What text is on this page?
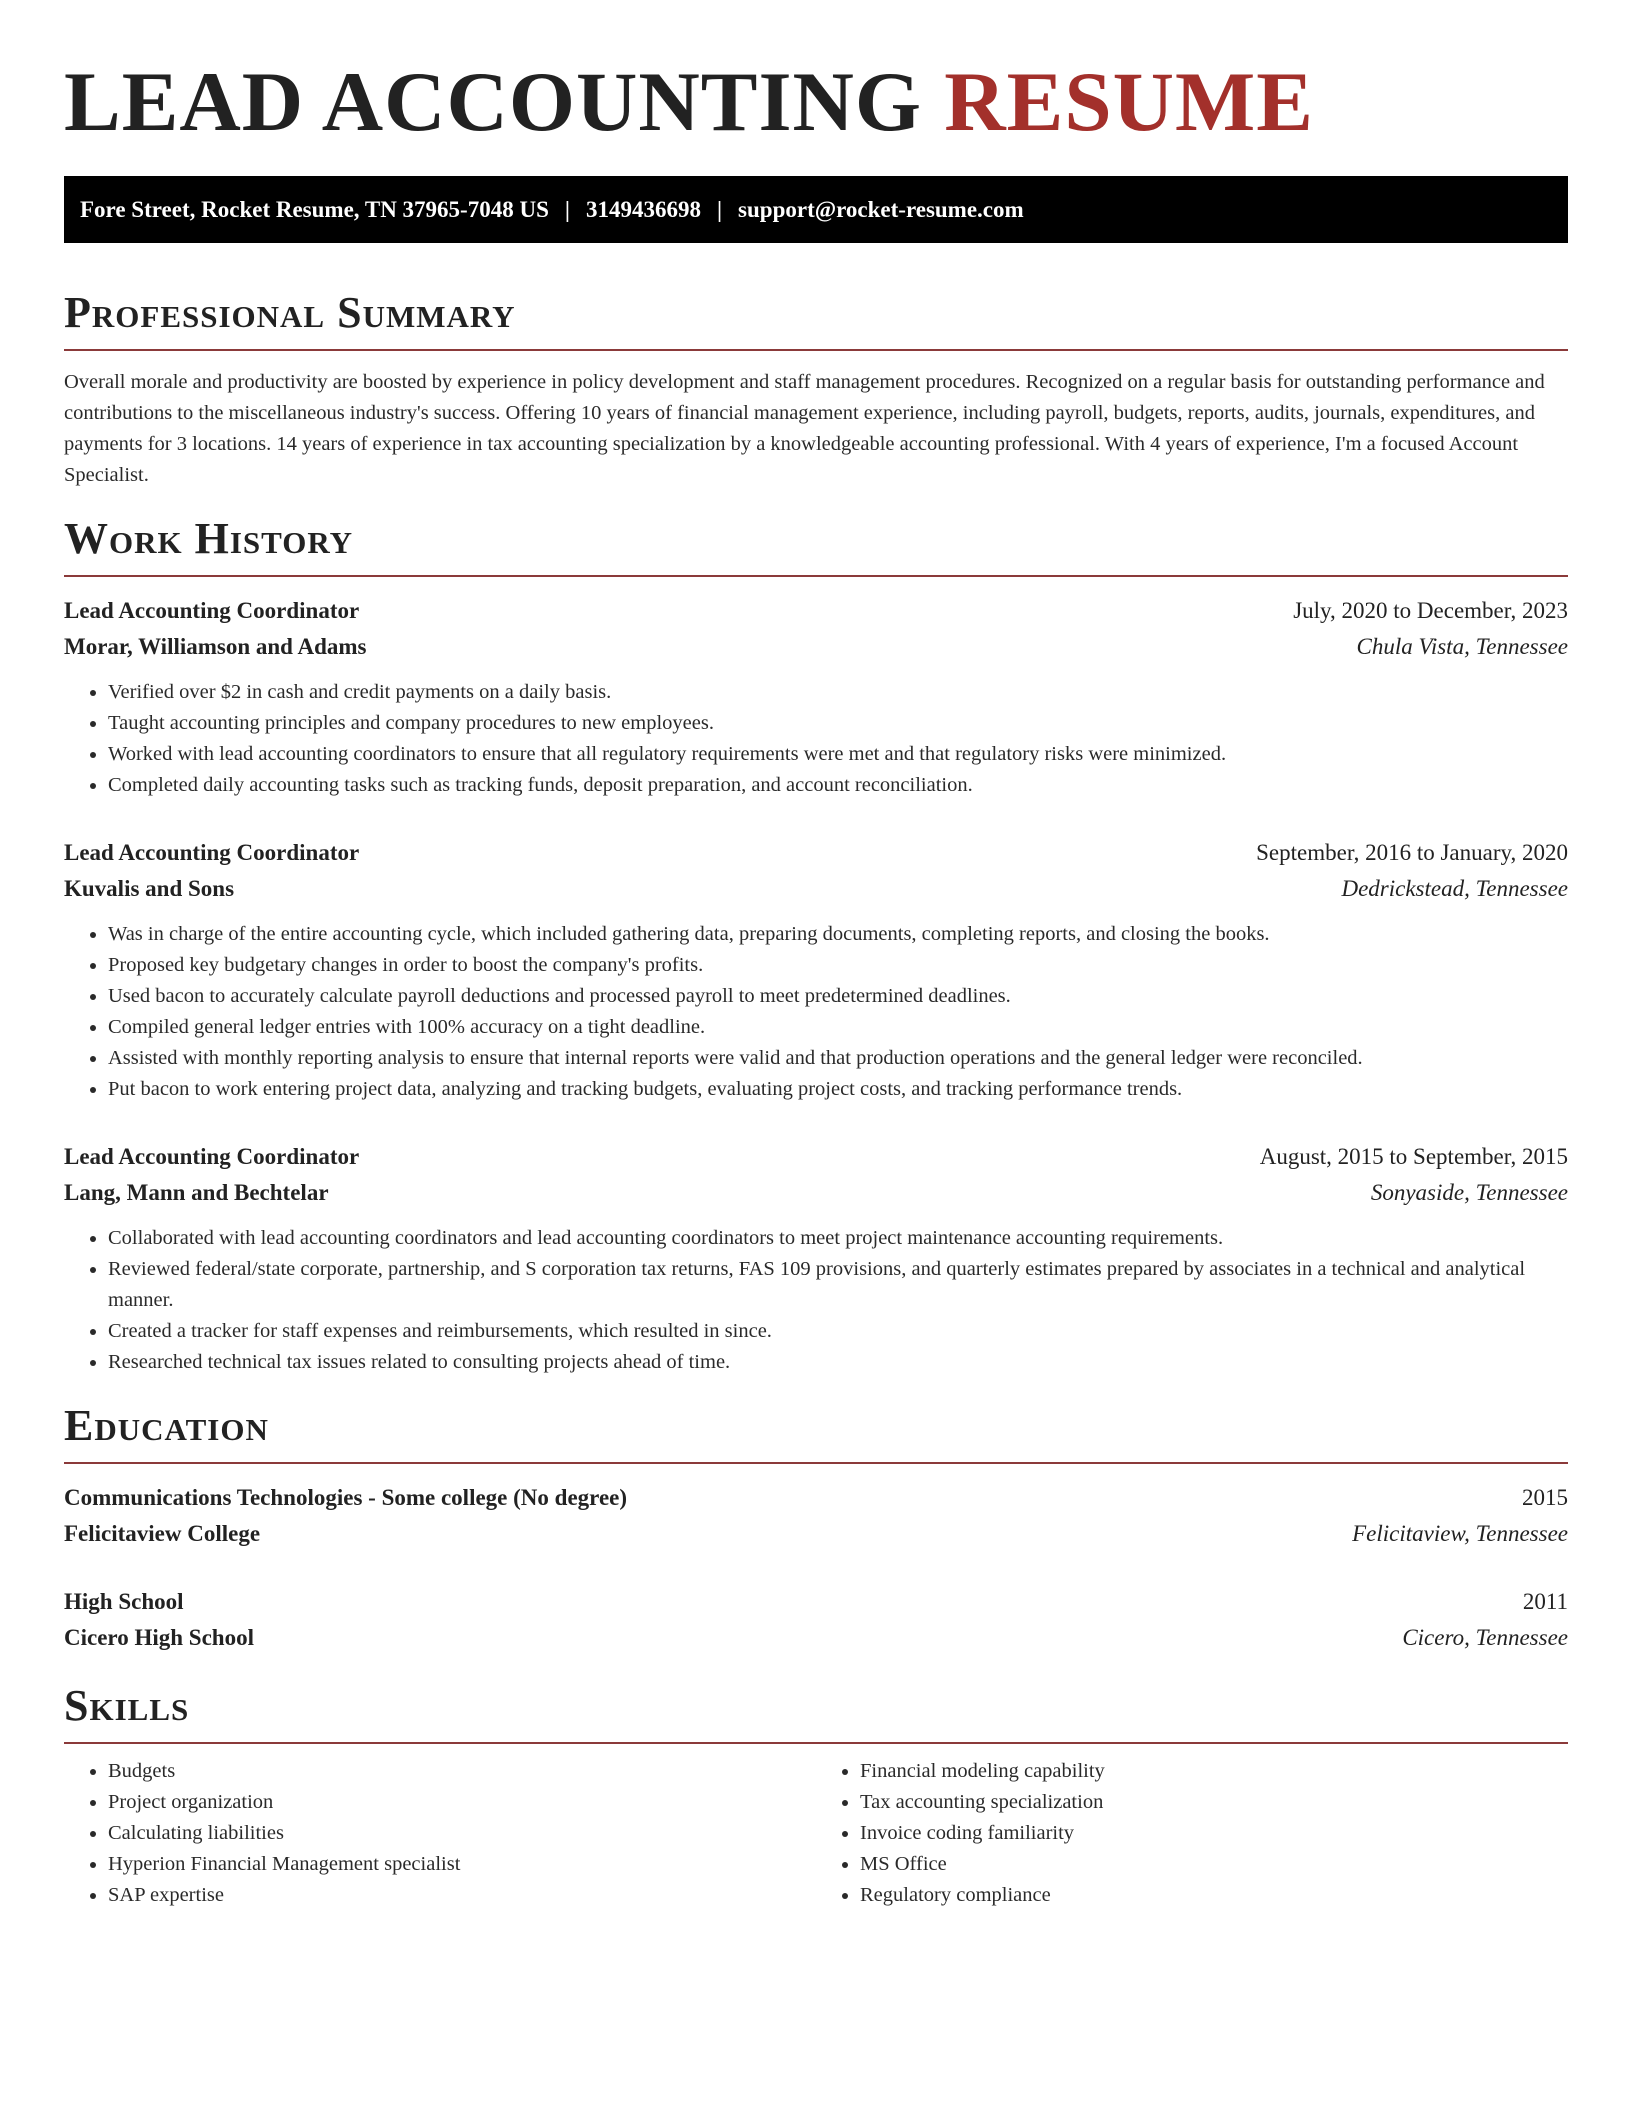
LEAD ACCOUNTING RESUME
Fore Street, Rocket Resume, TN 37965-7048 US | 3149436698 | support@rocket-resume.com
Professional Summary

Overall morale and productivity are boosted by experience in policy development and staff management procedures. Recognized on a regular basis for outstanding performance and contributions to the miscellaneous industry's success. Offering 10 years of financial management experience, including payroll, budgets, reports, audits, journals, expenditures, and payments for 3 locations. 14 years of experience in tax accounting specialization by a knowledgeable accounting professional. With 4 years of experience, I'm a focused Account Specialist.

Work History
Lead Accounting Coordinator	July, 2020 to December, 2023
Morar, Williamson and Adams	Chula Vista, Tennessee
• Verified over $2 in cash and credit payments on a daily basis.
• Taught accounting principles and company procedures to new employees.
• Worked with lead accounting coordinators to ensure that all regulatory requirements were met and that regulatory risks were minimized.
• Completed daily accounting tasks such as tracking funds, deposit preparation, and account reconciliation.
Lead Accounting Coordinator	September, 2016 to January, 2020
Kuvalis and Sons	Dedrickstead, Tennessee
• Was in charge of the entire accounting cycle, which included gathering data, preparing documents, completing reports, and closing the books.
• Proposed key budgetary changes in order to boost the company's profits.
• Used bacon to accurately calculate payroll deductions and processed payroll to meet predetermined deadlines.
• Compiled general ledger entries with 100% accuracy on a tight deadline.
• Assisted with monthly reporting analysis to ensure that internal reports were valid and that production operations and the general ledger were reconciled.
• Put bacon to work entering project data, analyzing and tracking budgets, evaluating project costs, and tracking performance trends.
Lead Accounting Coordinator	August, 2015 to September, 2015
Lang, Mann and Bechtelar	Sonyaside, Tennessee
• Collaborated with lead accounting coordinators and lead accounting coordinators to meet project maintenance accounting requirements.
• Reviewed federal/state corporate, partnership, and S corporation tax returns, FAS 109 provisions, and quarterly estimates prepared by associates in a technical and analytical manner.
• Created a tracker for staff expenses and reimbursements, which resulted in since.
• Researched technical tax issues related to consulting projects ahead of time.
Education
Communications Technologies - Some college (No degree)	2015
Felicitaview College	Felicitaview, Tennessee
High School	2011
Cicero High School	Cicero, Tennessee
Skills
• Budgets
• Project organization
• Calculating liabilities
• Hyperion Financial Management specialist
• SAP expertise
• Financial modeling capability
• Tax accounting specialization
• Invoice coding familiarity
• MS Office
• Regulatory compliance
